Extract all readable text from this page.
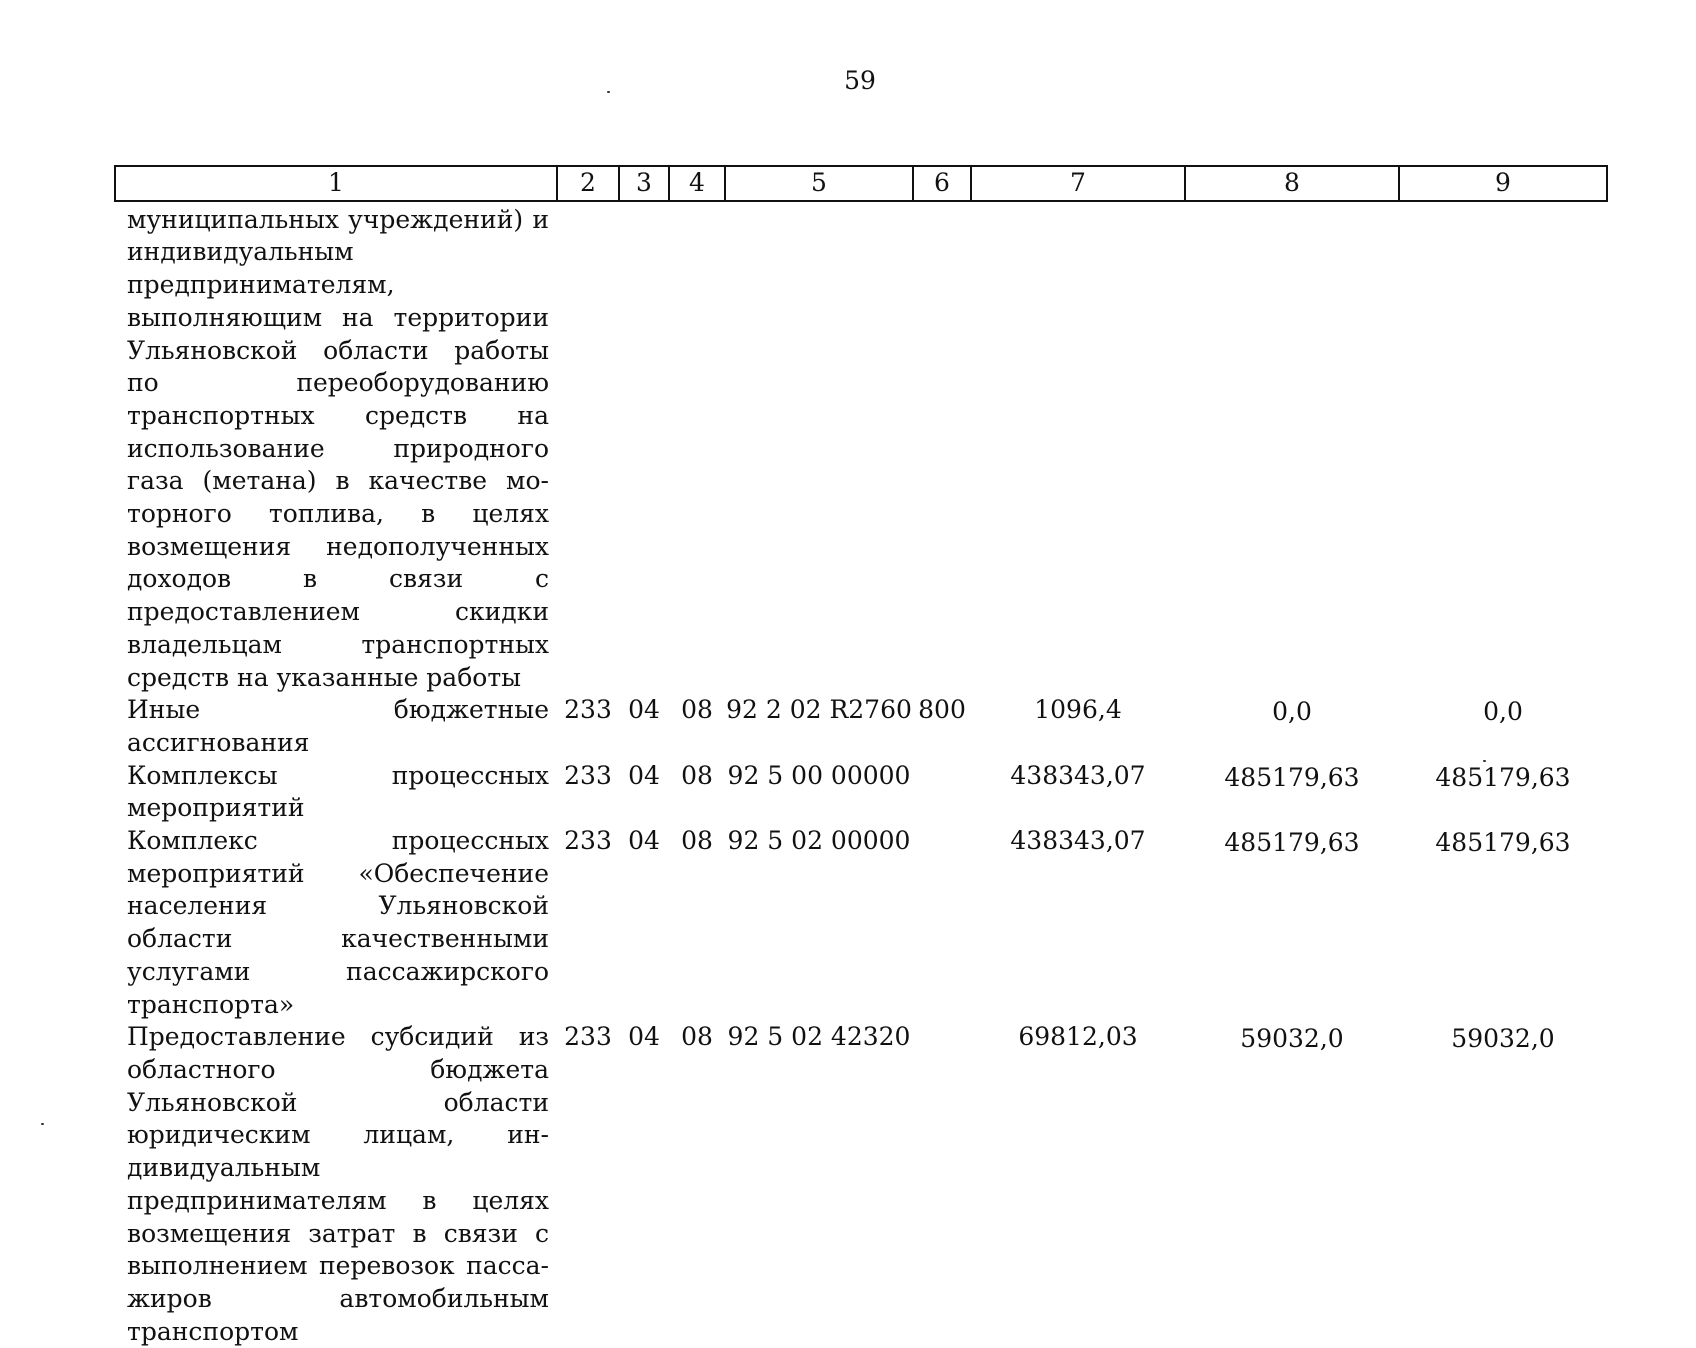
59
1	2	3	4	5	6	7	8	9
муниципальных учреждений) и индивидуальным предпринимателям, выполняющим на территории Ульяновской области работы по переоборудованию транспортных средств на использование природного газа (метана) в качестве моторного топлива, в целях возмещения недополученных доходов в связи с предоставлением скидки владельцам транспортных средств на указанные работы								
Иные бюджетные ассигнования	233	04	08	92 2 02 R2760	800	1096,4	0,0	0,0
Комплексы процессных мероприятий	233	04	08	92 5 00 00000		438343,07	485179,63	485179,63
Комплекс процессных мероприятий «Обеспечение населения Ульяновской области качественными услугами пассажирского транспорта»	233	04	08	92 5 02 00000		438343,07	485179,63	485179,63
Предоставление субсидий из областного бюджета Ульяновской области юридическим лицам, индивидуальным предпринимателям в целях возмещения затрат в связи с выполнением перевозок пассажиров автомобильным транспортом	233	04	08	92 5 02 42320		69812,03	59032,0	59032,0
